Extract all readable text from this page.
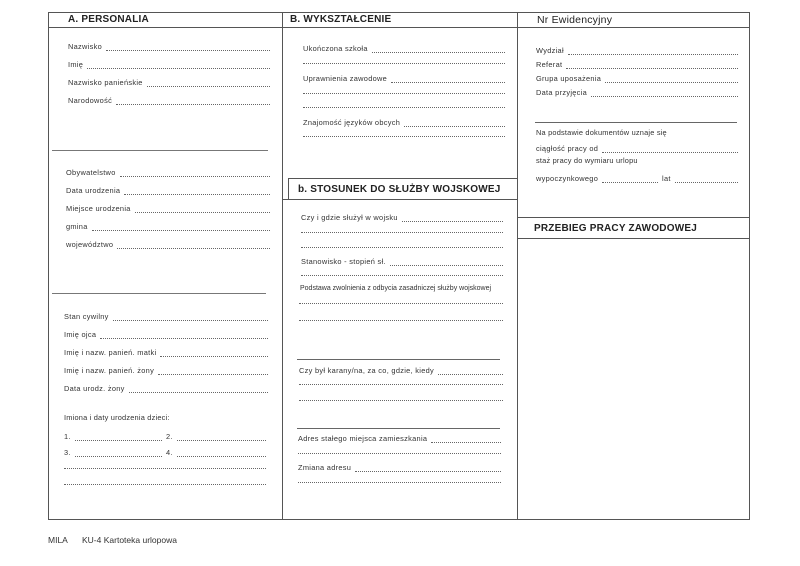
A. PERSONALIA	B. WYKSZTAŁCENIE	Nr Ewidencyjny
Nazwisko
Imię
Nazwisko panieńskie
Narodowość
Obywatelstwo
Data urodzenia
Miejsce urodzenia
gmina
województwo
Stan cywilny
Imię ojca
Imię i nazw. panień. matki
Imię i nazw. panień. żony
Data urodz. żony
Imiona i daty urodzenia dzieci:
1.	2.
3.	4.
Ukończona szkoła
Uprawnienia zawodowe
Znajomość języków obcych
b. STOSUNEK DO SŁUŻBY WOJSKOWEJ
Czy i gdzie służył w wojsku
Stanowisko - stopień sł.
Podstawa zwolnienia z odbycia zasadniczej służby wojskowej
Czy był karany/na, za co, gdzie, kiedy
Adres stałego miejsca zamieszkania
Zmiana adresu
Wydział
Referat
Grupa uposażenia
Data przyjęcia
Na podstawie dokumentów uznaje się
ciągłość pracy od
staż pracy do wymiaru urlopu
wypoczynkowego	lat
PRZEBIEG PRACY ZAWODOWEJ
MILA KU-4 Kartoteka urlopowa
